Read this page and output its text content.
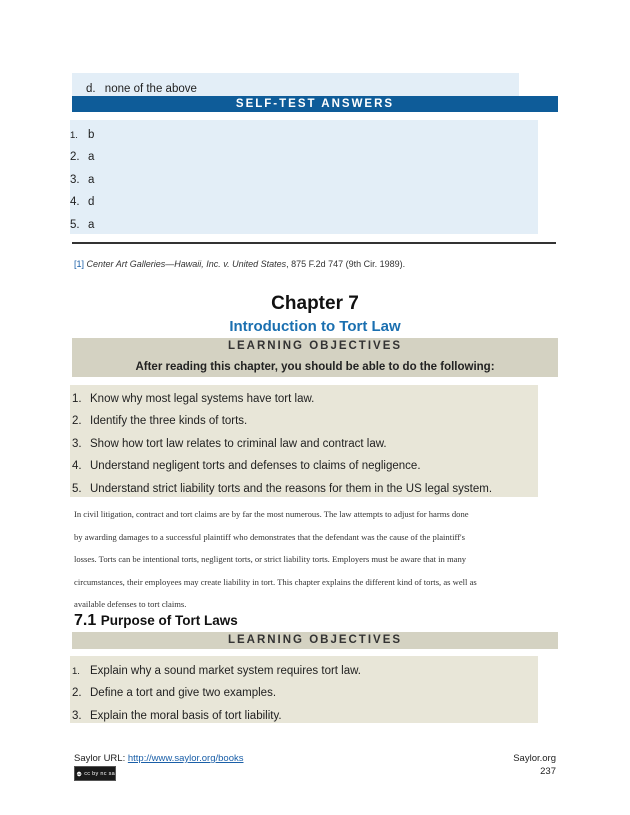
d. none of the above
SELF-TEST ANSWERS
1. b
2. a
3. a
4. d
5. a
[1] Center Art Galleries—Hawaii, Inc. v. United States, 875 F.2d 747 (9th Cir. 1989).
Chapter 7
Introduction to Tort Law
LEARNING OBJECTIVES
After reading this chapter, you should be able to do the following:
1. Know why most legal systems have tort law.
2. Identify the three kinds of torts.
3. Show how tort law relates to criminal law and contract law.
4. Understand negligent torts and defenses to claims of negligence.
5. Understand strict liability torts and the reasons for them in the US legal system.
In civil litigation, contract and tort claims are by far the most numerous. The law attempts to adjust for harms done
by awarding damages to a successful plaintiff who demonstrates that the defendant was the cause of the plaintiff's
losses. Torts can be intentional torts, negligent torts, or strict liability torts. Employers must be aware that in many
circumstances, their employees may create liability in tort. This chapter explains the different kind of torts, as well as
available defenses to tort claims.
7.1 Purpose of Tort Laws
LEARNING OBJECTIVES
1. Explain why a sound market system requires tort law.
2. Define a tort and give two examples.
3. Explain the moral basis of tort liability.
Saylor URL: http://www.saylor.org/books
cc cc by nc sa
Saylor.org
237
